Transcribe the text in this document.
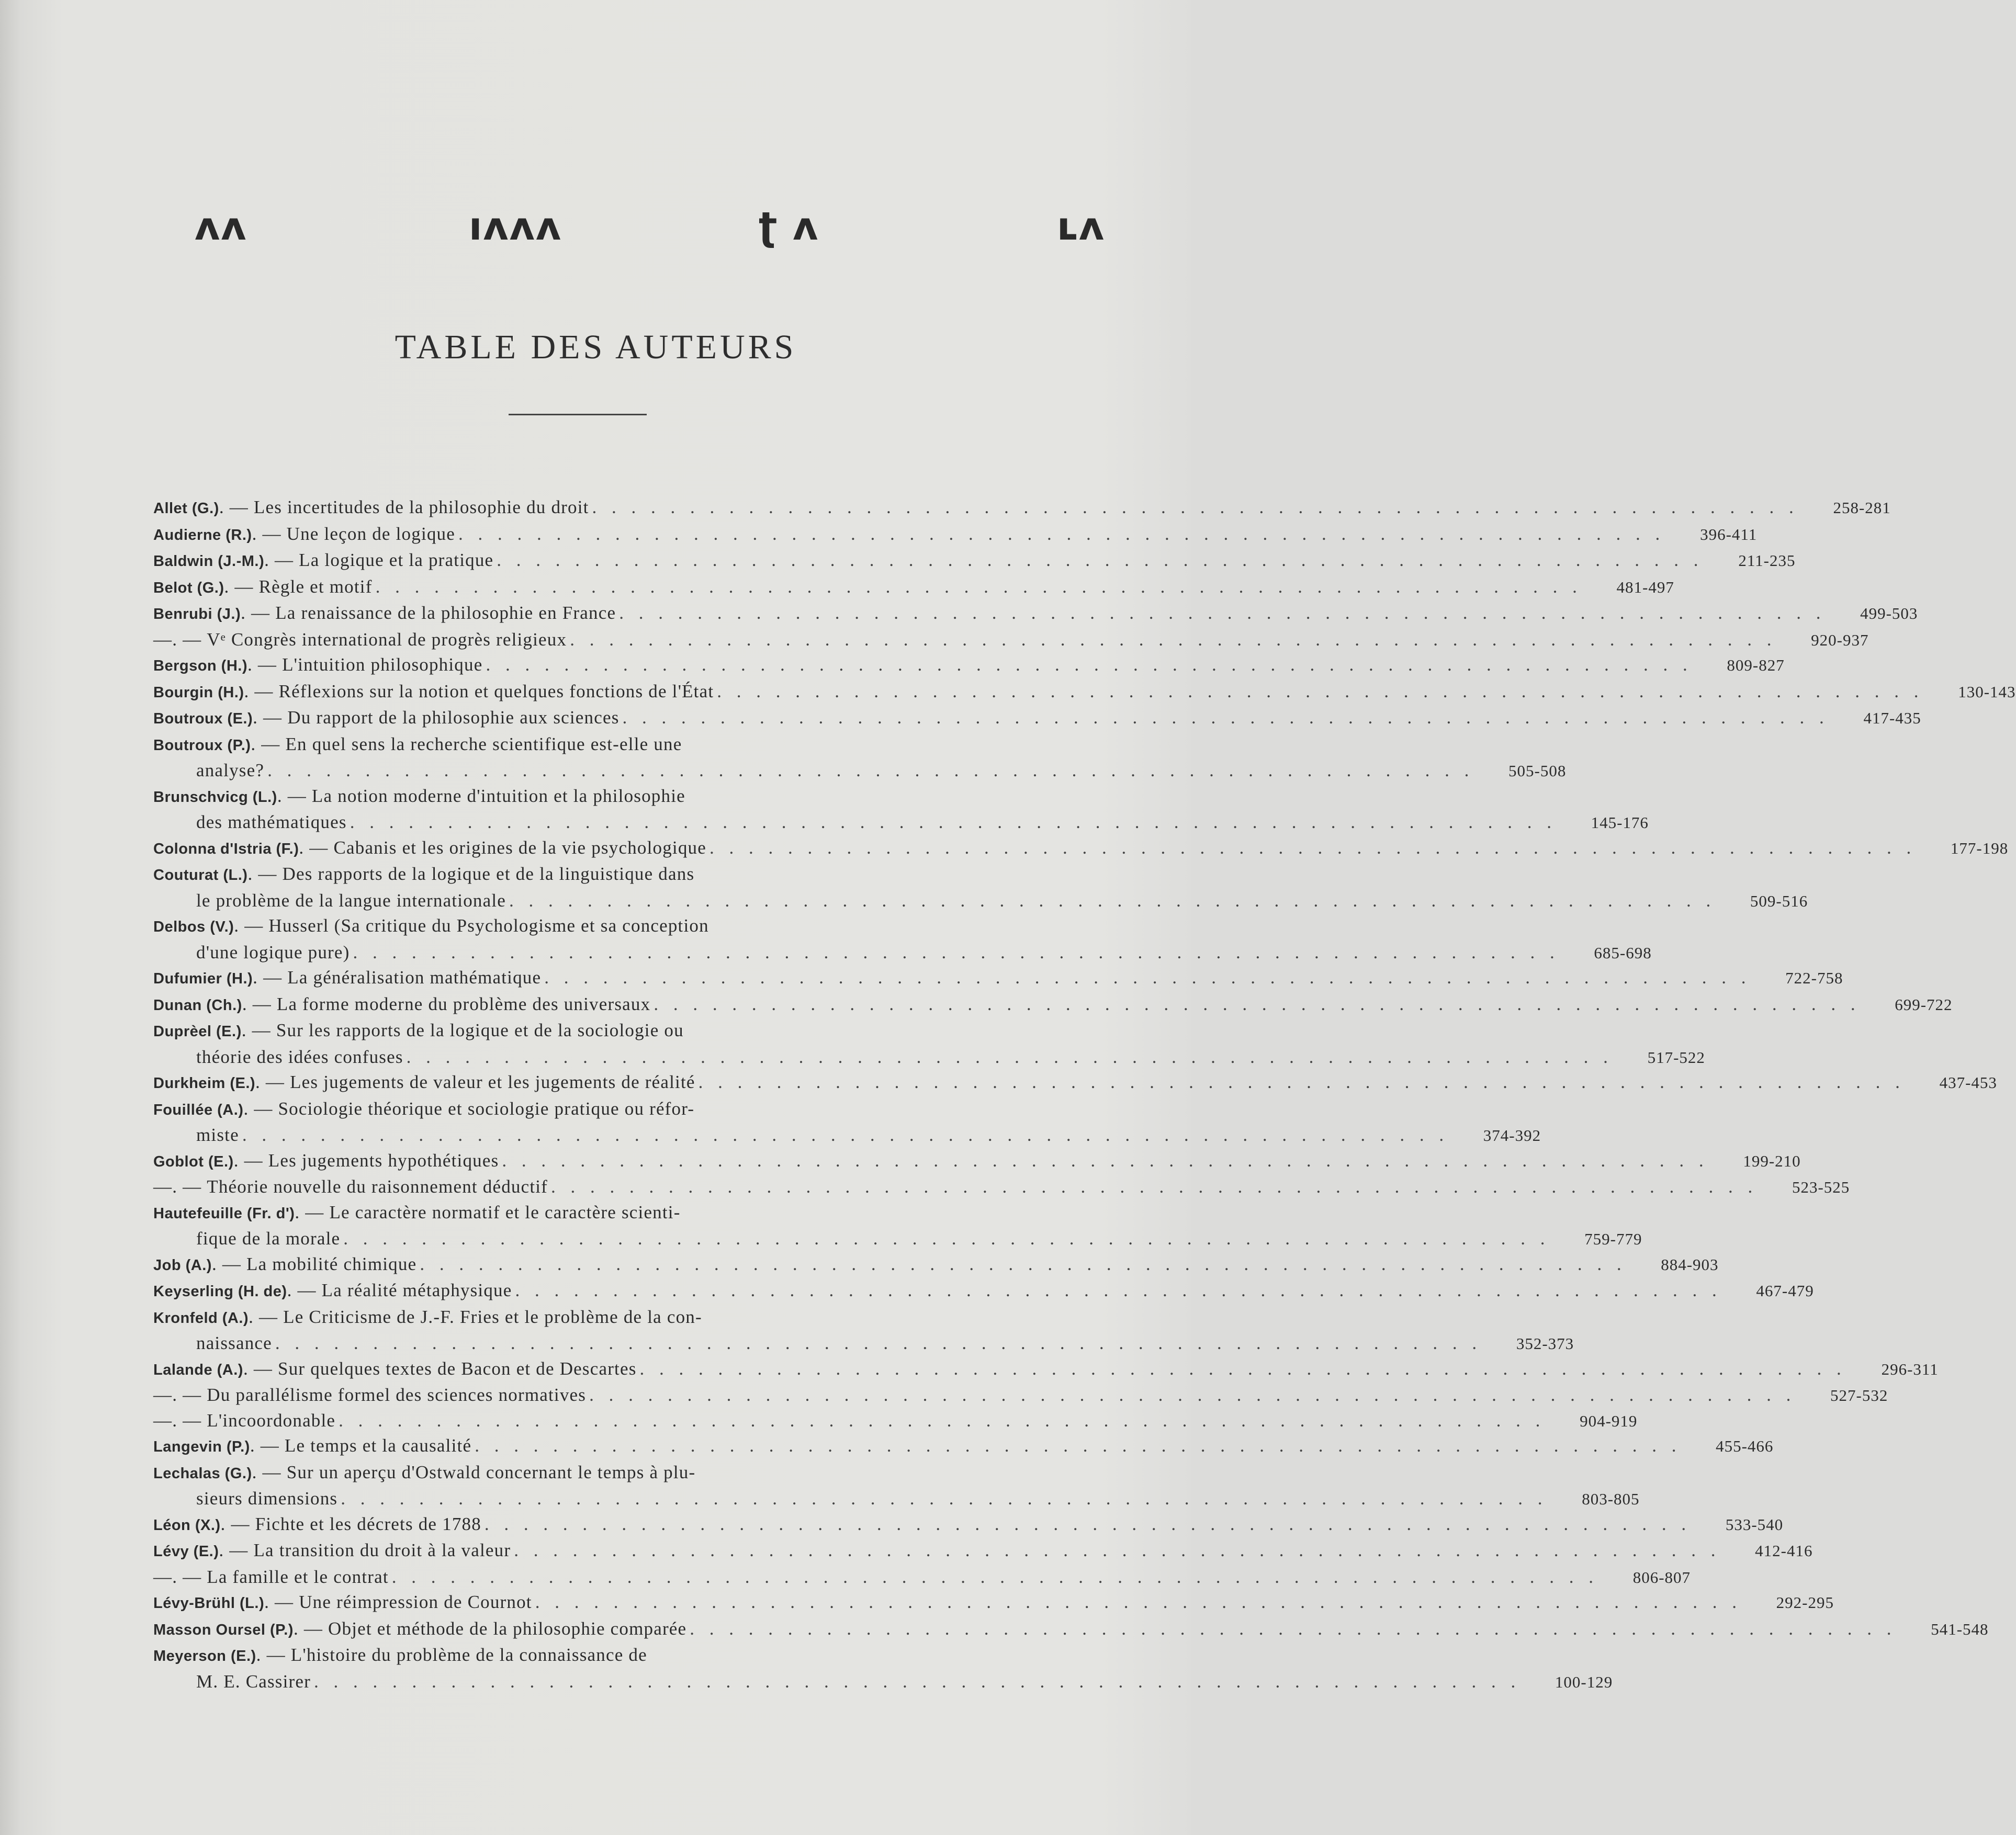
ʌʌ	ıʌʌʌ	ʈ ʌ	ʟʌ
TABLE DES AUTEURS
Allet (G.) . — Les incertitudes de la philosophie du droit . . . . . . . . . . . . . . . . . . . . . . . . . . . . . . . . . . . . . . . . . . . . . . . . . . . . . . . . . . . . . .	258-281
Audierne (R.) . — Une leçon de logique . . . . . . . . . . . . . . . . . . . . . . . . . . . . . . . . . . . . . . . . . . . . . . . . . . . . . . . . . . . . . .	396-411
Baldwin (J.-M.) . — La logique et la pratique . . . . . . . . . . . . . . . . . . . . . . . . . . . . . . . . . . . . . . . . . . . . . . . . . . . . . . . . . . . . . .	211-235
Belot (G.) . — Règle et motif . . . . . . . . . . . . . . . . . . . . . . . . . . . . . . . . . . . . . . . . . . . . . . . . . . . . . . . . . . . . . .	481-497
Benrubi (J.) . — La renaissance de la philosophie en France . . . . . . . . . . . . . . . . . . . . . . . . . . . . . . . . . . . . . . . . . . . . . . . . . . . . . . . . . . . . . .	499-503
— . — Vᵉ Congrès international de progrès religieux . . . . . . . . . . . . . . . . . . . . . . . . . . . . . . . . . . . . . . . . . . . . . . . . . . . . . . . . . . . . . .	920-937
Bergson (H.) . — L'intuition philosophique . . . . . . . . . . . . . . . . . . . . . . . . . . . . . . . . . . . . . . . . . . . . . . . . . . . . . . . . . . . . . .	809-827
Bourgin (H.) . — Réflexions sur la notion et quelques fonctions de l'État . . . . . . . . . . . . . . . . . . . . . . . . . . . . . . . . . . . . . . . . . . . . . . . . . . . . . . . . . . . . . .	130-143
Boutroux (E.) . — Du rapport de la philosophie aux sciences . . . . . . . . . . . . . . . . . . . . . . . . . . . . . . . . . . . . . . . . . . . . . . . . . . . . . . . . . . . . . .	417-435
Boutroux (P.) . — En quel sens la recherche scientifique est-elle une
analyse? . . . . . . . . . . . . . . . . . . . . . . . . . . . . . . . . . . . . . . . . . . . . . . . . . . . . . . . . . . . . . .	505-508
Brunschvicg (L.) . — La notion moderne d'intuition et la philosophie
des mathématiques . . . . . . . . . . . . . . . . . . . . . . . . . . . . . . . . . . . . . . . . . . . . . . . . . . . . . . . . . . . . . .	145-176
Colonna d'Istria (F.) . — Cabanis et les origines de la vie psychologique . . . . . . . . . . . . . . . . . . . . . . . . . . . . . . . . . . . . . . . . . . . . . . . . . . . . . . . . . . . . . .	177-198
Couturat (L.) . — Des rapports de la logique et de la linguistique dans
le problème de la langue internationale . . . . . . . . . . . . . . . . . . . . . . . . . . . . . . . . . . . . . . . . . . . . . . . . . . . . . . . . . . . . . .	509-516
Delbos (V.) . — Husserl (Sa critique du Psychologisme et sa conception
d'une logique pure) . . . . . . . . . . . . . . . . . . . . . . . . . . . . . . . . . . . . . . . . . . . . . . . . . . . . . . . . . . . . . .	685-698
Dufumier (H.) . — La généralisation mathématique . . . . . . . . . . . . . . . . . . . . . . . . . . . . . . . . . . . . . . . . . . . . . . . . . . . . . . . . . . . . . .	722-758
Dunan (Ch.) . — La forme moderne du problème des universaux . . . . . . . . . . . . . . . . . . . . . . . . . . . . . . . . . . . . . . . . . . . . . . . . . . . . . . . . . . . . . .	699-722
Duprèel (E.) . — Sur les rapports de la logique et de la sociologie ou
théorie des idées confuses . . . . . . . . . . . . . . . . . . . . . . . . . . . . . . . . . . . . . . . . . . . . . . . . . . . . . . . . . . . . . .	517-522
Durkheim (E.) . — Les jugements de valeur et les jugements de réalité . . . . . . . . . . . . . . . . . . . . . . . . . . . . . . . . . . . . . . . . . . . . . . . . . . . . . . . . . . . . . .	437-453
Fouillée (A.) . — Sociologie théorique et sociologie pratique ou réfor-
miste . . . . . . . . . . . . . . . . . . . . . . . . . . . . . . . . . . . . . . . . . . . . . . . . . . . . . . . . . . . . . .	374-392
Goblot (E.) . — Les jugements hypothétiques . . . . . . . . . . . . . . . . . . . . . . . . . . . . . . . . . . . . . . . . . . . . . . . . . . . . . . . . . . . . . .	199-210
— . — Théorie nouvelle du raisonnement déductif . . . . . . . . . . . . . . . . . . . . . . . . . . . . . . . . . . . . . . . . . . . . . . . . . . . . . . . . . . . . . .	523-525
Hautefeuille (Fr. d') . — Le caractère normatif et le caractère scienti-
fique de la morale . . . . . . . . . . . . . . . . . . . . . . . . . . . . . . . . . . . . . . . . . . . . . . . . . . . . . . . . . . . . . .	759-779
Job (A.) . — La mobilité chimique . . . . . . . . . . . . . . . . . . . . . . . . . . . . . . . . . . . . . . . . . . . . . . . . . . . . . . . . . . . . . .	884-903
Keyserling (H. de) . — La réalité métaphysique . . . . . . . . . . . . . . . . . . . . . . . . . . . . . . . . . . . . . . . . . . . . . . . . . . . . . . . . . . . . . .	467-479
Kronfeld (A.) . — Le Criticisme de J.-F. Fries et le problème de la con-
naissance . . . . . . . . . . . . . . . . . . . . . . . . . . . . . . . . . . . . . . . . . . . . . . . . . . . . . . . . . . . . . .	352-373
Lalande (A.) . — Sur quelques textes de Bacon et de Descartes . . . . . . . . . . . . . . . . . . . . . . . . . . . . . . . . . . . . . . . . . . . . . . . . . . . . . . . . . . . . . .	296-311
— . — Du parallélisme formel des sciences normatives . . . . . . . . . . . . . . . . . . . . . . . . . . . . . . . . . . . . . . . . . . . . . . . . . . . . . . . . . . . . . .	527-532
— . — L'incoordonable . . . . . . . . . . . . . . . . . . . . . . . . . . . . . . . . . . . . . . . . . . . . . . . . . . . . . . . . . . . . . .	904-919
Langevin (P.) . — Le temps et la causalité . . . . . . . . . . . . . . . . . . . . . . . . . . . . . . . . . . . . . . . . . . . . . . . . . . . . . . . . . . . . . .	455-466
Lechalas (G.) . — Sur un aperçu d'Ostwald concernant le temps à plu-
sieurs dimensions . . . . . . . . . . . . . . . . . . . . . . . . . . . . . . . . . . . . . . . . . . . . . . . . . . . . . . . . . . . . . .	803-805
Léon (X.) . — Fichte et les décrets de 1788 . . . . . . . . . . . . . . . . . . . . . . . . . . . . . . . . . . . . . . . . . . . . . . . . . . . . . . . . . . . . . .	533-540
Lévy (E.) . — La transition du droit à la valeur . . . . . . . . . . . . . . . . . . . . . . . . . . . . . . . . . . . . . . . . . . . . . . . . . . . . . . . . . . . . . .	412-416
— . — La famille et le contrat . . . . . . . . . . . . . . . . . . . . . . . . . . . . . . . . . . . . . . . . . . . . . . . . . . . . . . . . . . . . . .	806-807
Lévy-Brühl (L.) . — Une réimpression de Cournot . . . . . . . . . . . . . . . . . . . . . . . . . . . . . . . . . . . . . . . . . . . . . . . . . . . . . . . . . . . . . .	292-295
Masson Oursel (P.) . — Objet et méthode de la philosophie comparée . . . . . . . . . . . . . . . . . . . . . . . . . . . . . . . . . . . . . . . . . . . . . . . . . . . . . . . . . . . . . .	541-548
Meyerson (E.) . — L'histoire du problème de la connaissance de
M. E. Cassirer . . . . . . . . . . . . . . . . . . . . . . . . . . . . . . . . . . . . . . . . . . . . . . . . . . . . . . . . . . . . . .	100-129
